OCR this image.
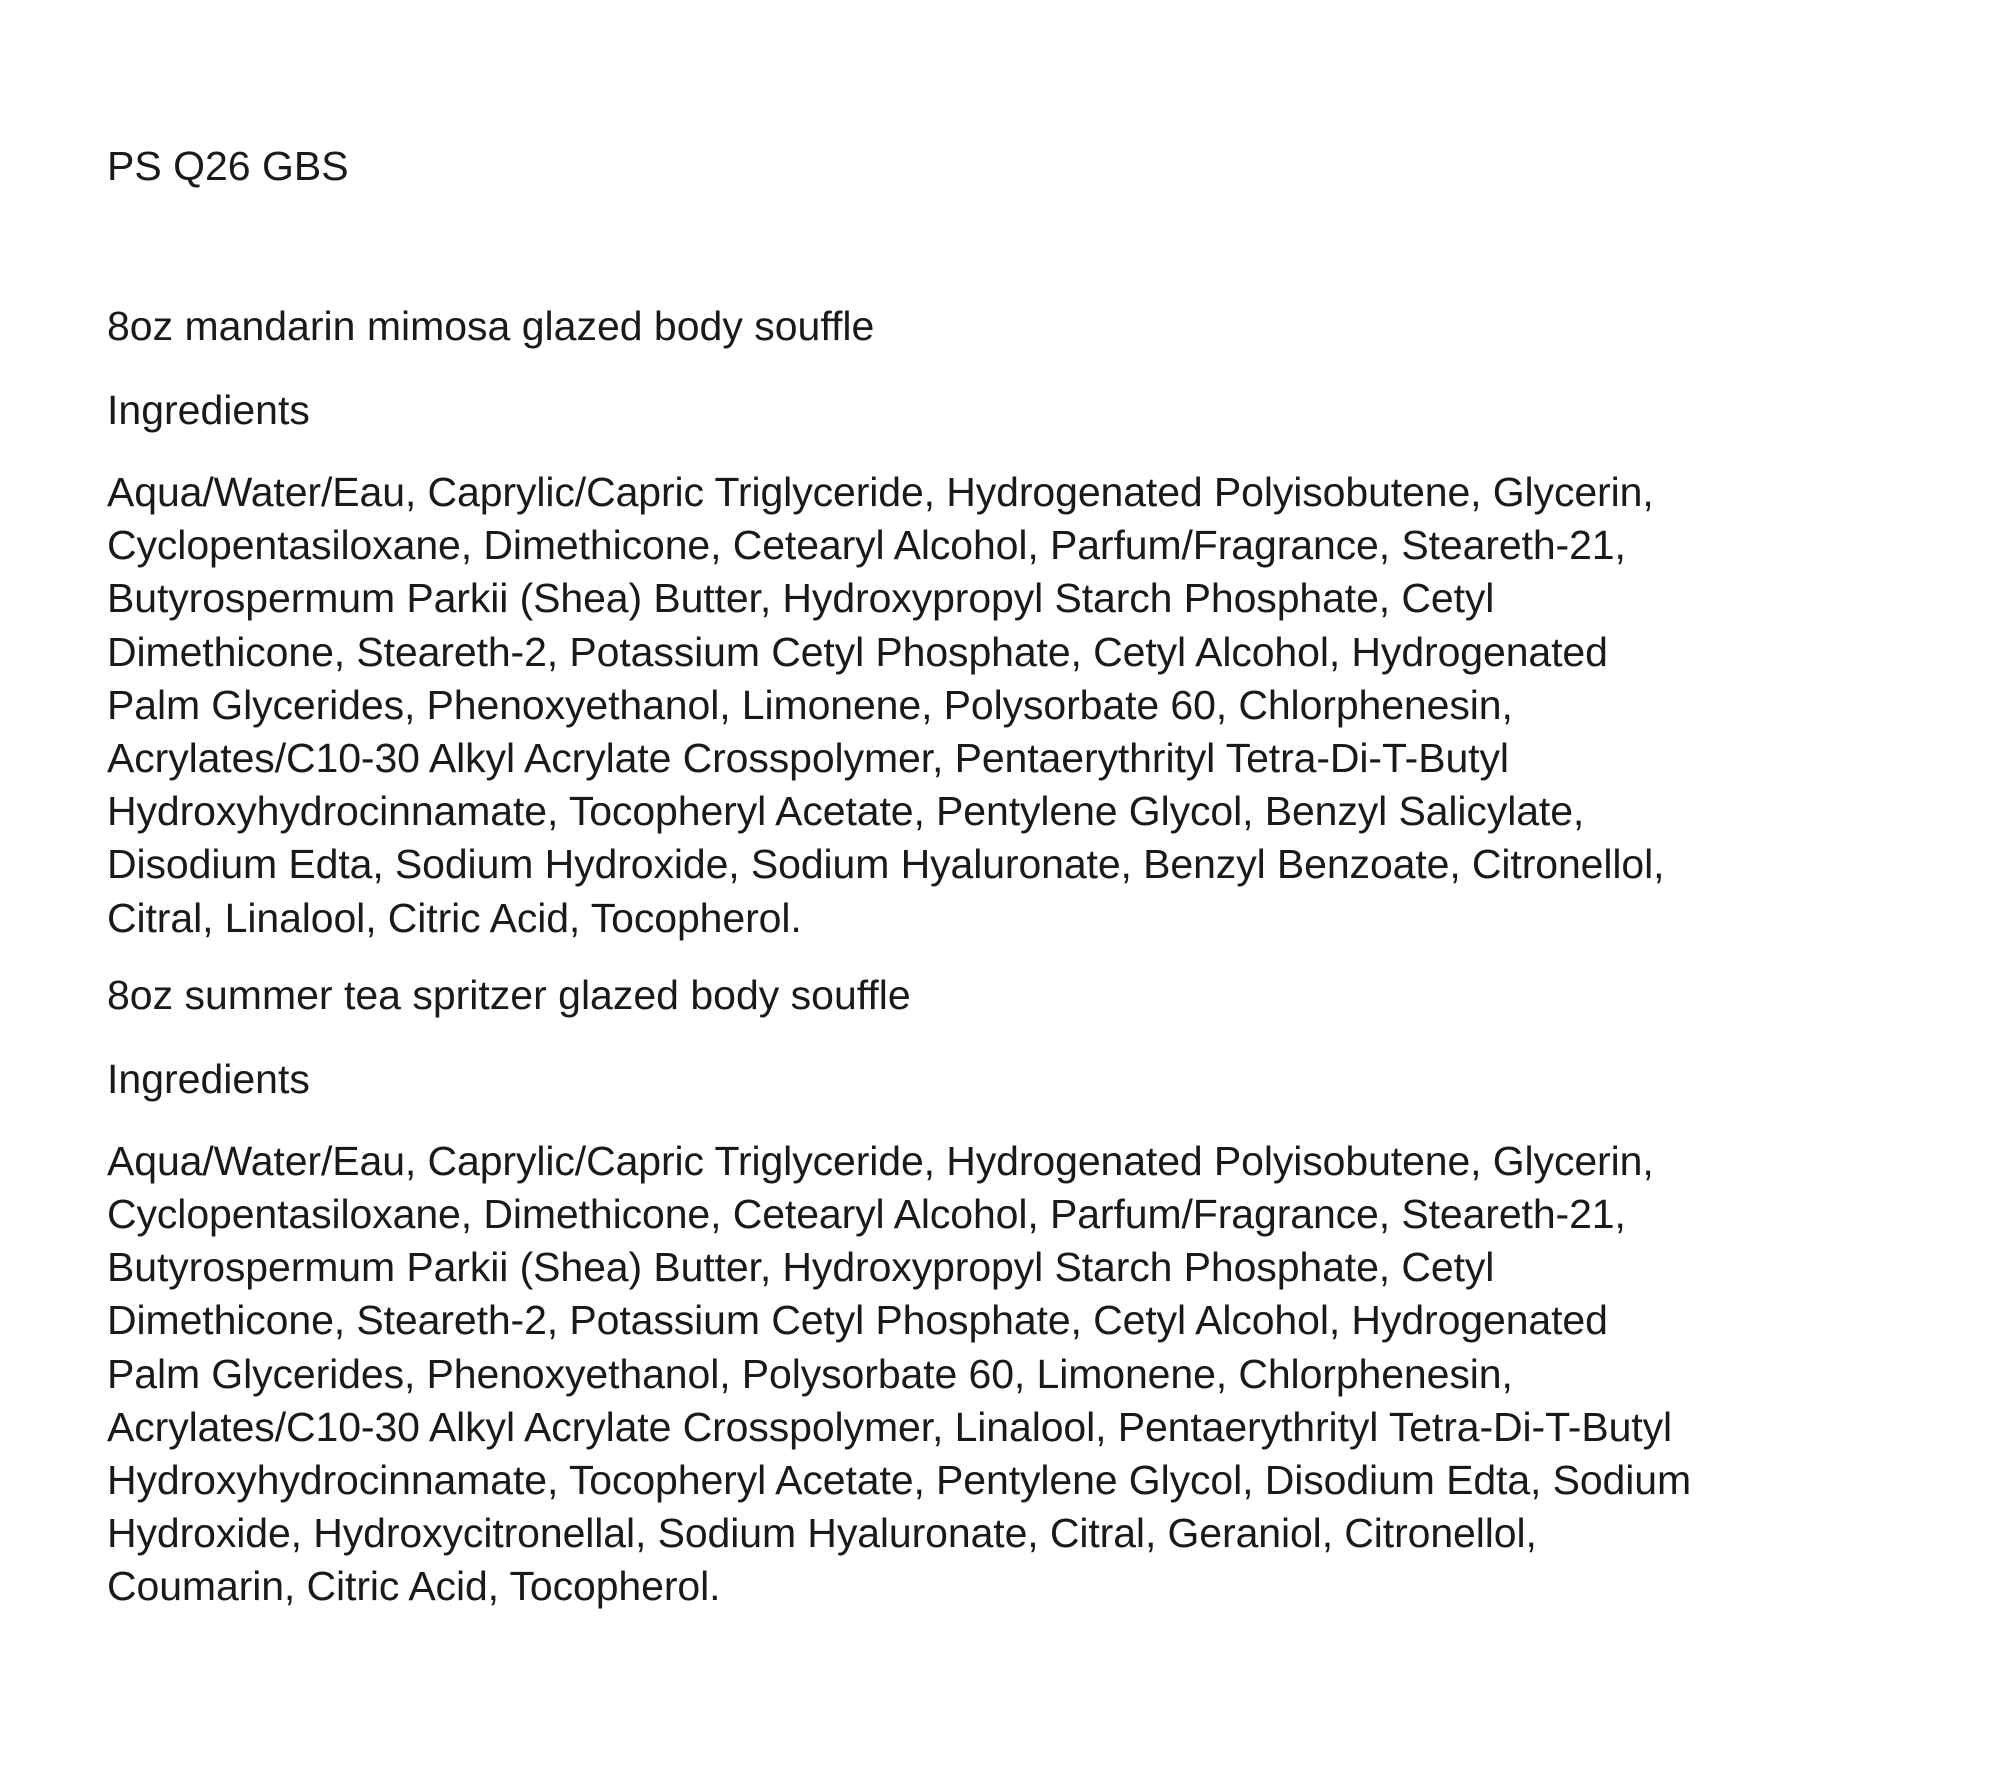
PS Q26 GBS

8oz mandarin mimosa glazed body souffle

Ingredients

Aqua/Water/Eau, Caprylic/Capric Triglyceride, Hydrogenated Polyisobutene, Glycerin,
Cyclopentasiloxane, Dimethicone, Cetearyl Alcohol, Parfum/Fragrance, Steareth-21,
Butyrospermum Parkii (Shea) Butter, Hydroxypropyl Starch Phosphate, Cetyl
Dimethicone, Steareth-2, Potassium Cetyl Phosphate, Cetyl Alcohol, Hydrogenated
Palm Glycerides, Phenoxyethanol, Limonene, Polysorbate 60, Chlorphenesin,
Acrylates/C10-30 Alkyl Acrylate Crosspolymer, Pentaerythrityl Tetra-Di-T-Butyl
Hydroxyhydrocinnamate, Tocopheryl Acetate, Pentylene Glycol, Benzyl Salicylate,
Disodium Edta, Sodium Hydroxide, Sodium Hyaluronate, Benzyl Benzoate, Citronellol,
Citral, Linalool, Citric Acid, Tocopherol.

8oz summer tea spritzer glazed body souffle

Ingredients

Aqua/Water/Eau, Caprylic/Capric Triglyceride, Hydrogenated Polyisobutene, Glycerin,
Cyclopentasiloxane, Dimethicone, Cetearyl Alcohol, Parfum/Fragrance, Steareth-21,
Butyrospermum Parkii (Shea) Butter, Hydroxypropyl Starch Phosphate, Cetyl
Dimethicone, Steareth-2, Potassium Cetyl Phosphate, Cetyl Alcohol, Hydrogenated
Palm Glycerides, Phenoxyethanol, Polysorbate 60, Limonene, Chlorphenesin,
Acrylates/C10-30 Alkyl Acrylate Crosspolymer, Linalool, Pentaerythrityl Tetra-Di-T-Butyl
Hydroxyhydrocinnamate, Tocopheryl Acetate, Pentylene Glycol, Disodium Edta, Sodium
Hydroxide, Hydroxycitronellal, Sodium Hyaluronate, Citral, Geraniol, Citronellol,
Coumarin, Citric Acid, Tocopherol.
